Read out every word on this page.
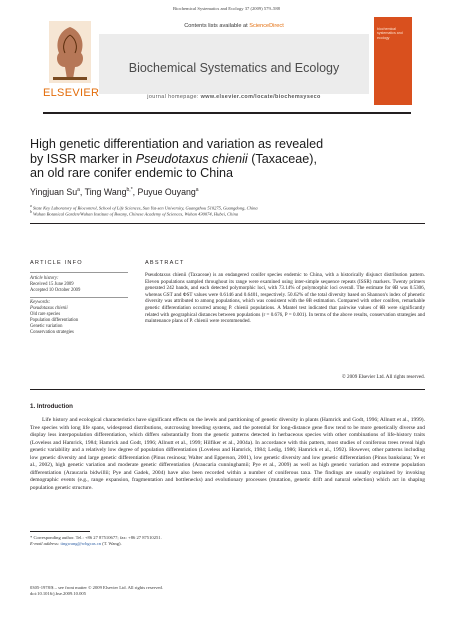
Biochemical Systematics and Ecology 37 (2009) 579–588
ELSEVIER
Contents lists available at ScienceDirect
Biochemical Systematics and Ecology
journal homepage: www.elsevier.com/locate/biochemsyseco
biochemical systematics and ecology
High genetic differentiation and variation as revealed
by ISSR marker in Pseudotaxus chienii (Taxaceae),
an old rare conifer endemic to China
Yingjuan Su$^a$, Ting Wang$^{b,*}$, Puyue Ouyang$^a$
$^a$ State Key Laboratory of Biocontrol, School of Life Sciences, Sun Yat-sen University, Guangzhou 510275, Guangdong, China
$^b$ Wuhan Botanical Garden/Wuhan Institute of Botany, Chinese Academy of Sciences, Wuhan 430074, Hubei, China
ARTICLE INFO	ABSTRACT
Article history:
Received 15 June 2009
Accepted 10 October 2009
Keywords:
Pseudotaxus chienii
Old rare species
Population differentiation
Genetic variation
Conservation strategies
Pseudotaxus chienii (Taxaceae) is an endangered conifer species endemic to China, with a historically disjunct distribution pattern. Eleven populations sampled throughout its range were examined using inter-simple sequence repeats (ISSR) markers. Twenty primers generated 242 bands, and each detected polymorphic loci, with 73.14% of polymorphic loci overall. The estimate for θB was 0.5306, whereas GST and ΦST values were 0.6146 and 0.6401, respectively. 50.62% of the total diversity based on Shannon's index of phenetic diversity was attributed to among populations, which was consistent with the θB estimation. Compared with other conifers, remarkable genetic differentiation occurred among P. chienii populations. A Mantel test indicated that pairwise values of θB were significantly related with geographical distances between populations (r = 0.676, P = 0.001). In terms of the above results, conservation strategies and maintenance plans of P. chienii were recommended.
© 2009 Elsevier Ltd. All rights reserved.
1. Introduction
Life history and ecological characteristics have significant effects on the levels and partitioning of genetic diversity in plants (Hamrick and Godt, 1996; Allnutt et al., 1999). Tree species with long life spans, widespread distributions, outcrossing breeding systems, and the potential for long-distance gene flow tend to be more genetically diverse and display less interpopulation differentiation, which differs substantially from the genetic patterns detected in herbaceous species with other combinations of life-history traits (Loveless and Hamrick, 1984; Hamrick and Godt, 1996; Allnutt et al., 1999; Hilfiker et al., 2004a). In accordance with this pattern, most studies of coniferous trees reveal high genetic variability and a relatively low degree of population differentiation (Loveless and Hamrick, 1984; Ledig, 1986; Hamrick et al., 1992). However, other patterns including low genetic diversity and large genetic differentiation (Pinus resinosa; Walter and Epperson, 2001), low genetic diversity and low genetic differentiation (Pinus banksiana; Ye et al., 2002), high genetic variation and moderate genetic differentiation (Araucaria cunninghamii; Pye et al., 2009) as well as high genetic variation and extreme population differentiation (Araucaria bidwillii; Pye and Gadek, 2004) have also been recorded within a number of coniferous taxa. The findings are usually explained by invoking demographic events (e.g., range expansion, fragmentation and bottlenecks) and evolutionary processes (mutation, genetic drift and natural selection) which act in shaping population genetic structure.
* Corresponding author. Tel.: +86 27 87510677; fax: +86 27 87510251.
E-mail address: tingwang@wbgcas.cn (T. Wang).
0305-1978/$ – see front matter © 2009 Elsevier Ltd. All rights reserved.
doi:10.1016/j.bse.2009.10.005
